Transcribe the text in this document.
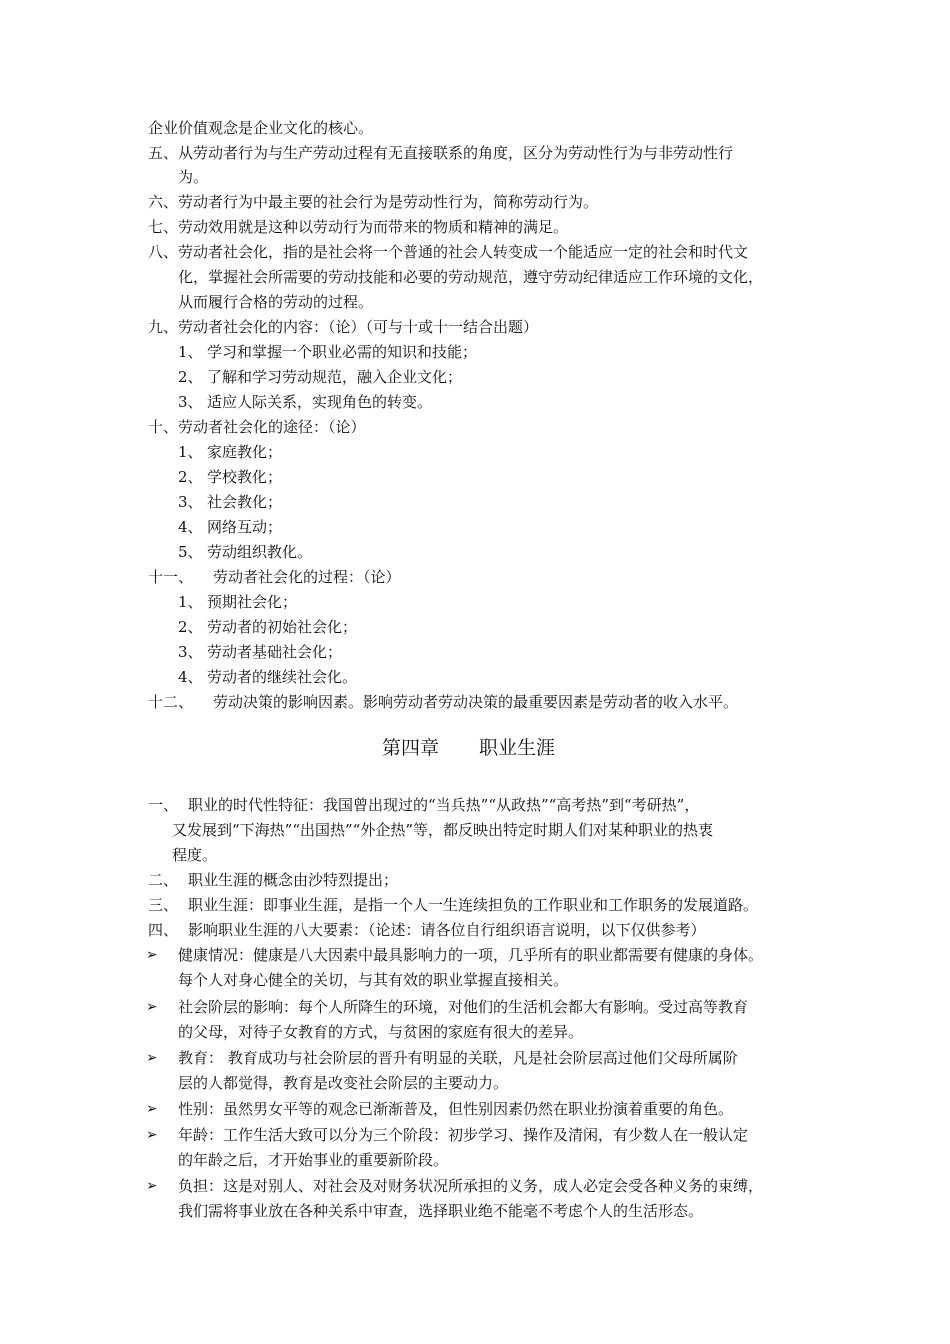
企业价值观念是企业文化的核心。
五、 从劳动者行为与生产劳动过程有无直接联系的角度，区分为劳动性行为与非劳动性行
为。
六、 劳动者行为中最主要的社会行为是劳动性行为，简称劳动行为。
七、 劳动效用就是这种以劳动行为而带来的物质和精神的满足。
八、 劳动者社会化，指的是社会将一个普通的社会人转变成一个能适应一定的社会和时代文
化，掌握社会所需要的劳动技能和必要的劳动规范，遵守劳动纪律适应工作环境的文化，
从而履行合格的劳动的过程。
九、 劳动者社会化的内容：（论）（可与十或十一结合出题）
1、 学习和掌握一个职业必需的知识和技能；
2、 了解和学习劳动规范，融入企业文化；
3、 适应人际关系，实现角色的转变。
十、 劳动者社会化的途径：（论）
1、 家庭教化；
2、 学校教化；
3、 社会教化；
4、 网络互动；
5、 劳动组织教化。
十一、 劳动者社会化的过程：（论）
1、 预期社会化；
2、 劳动者的初始社会化；
3、 劳动者基础社会化；
4、 劳动者的继续社会化。
十二、 劳动决策的影响因素。影响劳动者劳动决策的最重要因素是劳动者的收入水平。
第四章 职业生涯
一、 职业的时代性特征：我国曾出现过的“当兵热”“从政热”“高考热”到“考研热”，
又发展到“下海热”“出国热”“外企热”等，都反映出特定时期人们对某种职业的热衷
程度。
二、 职业生涯的概念由沙特烈提出；
三、 职业生涯：即事业生涯，是指一个人一生连续担负的工作职业和工作职务的发展道路。
四、 影响职业生涯的八大要素：（论述：请各位自行组织语言说明，以下仅供参考）
➢ 健康情况：健康是八大因素中最具影响力的一项，几乎所有的职业都需要有健康的身体。
每个人对身心健全的关切，与其有效的职业掌握直接相关。
➢ 社会阶层的影响：每个人所降生的环境，对他们的生活机会都大有影响。受过高等教育
的父母，对待子女教育的方式，与贫困的家庭有很大的差异。
➢ 教育： 教育成功与社会阶层的晋升有明显的关联，凡是社会阶层高过他们父母所属阶
层的人都觉得，教育是改变社会阶层的主要动力。
➢ 性别：虽然男女平等的观念已渐渐普及，但性别因素仍然在职业扮演着重要的角色。
➢ 年龄：工作生活大致可以分为三个阶段：初步学习、操作及清闲，有少数人在一般认定
的年龄之后，才开始事业的重要新阶段。
➢ 负担：这是对别人、对社会及对财务状况所承担的义务，成人必定会受各种义务的束缚，
我们需将事业放在各种关系中审查，选择职业绝不能毫不考虑个人的生活形态。
